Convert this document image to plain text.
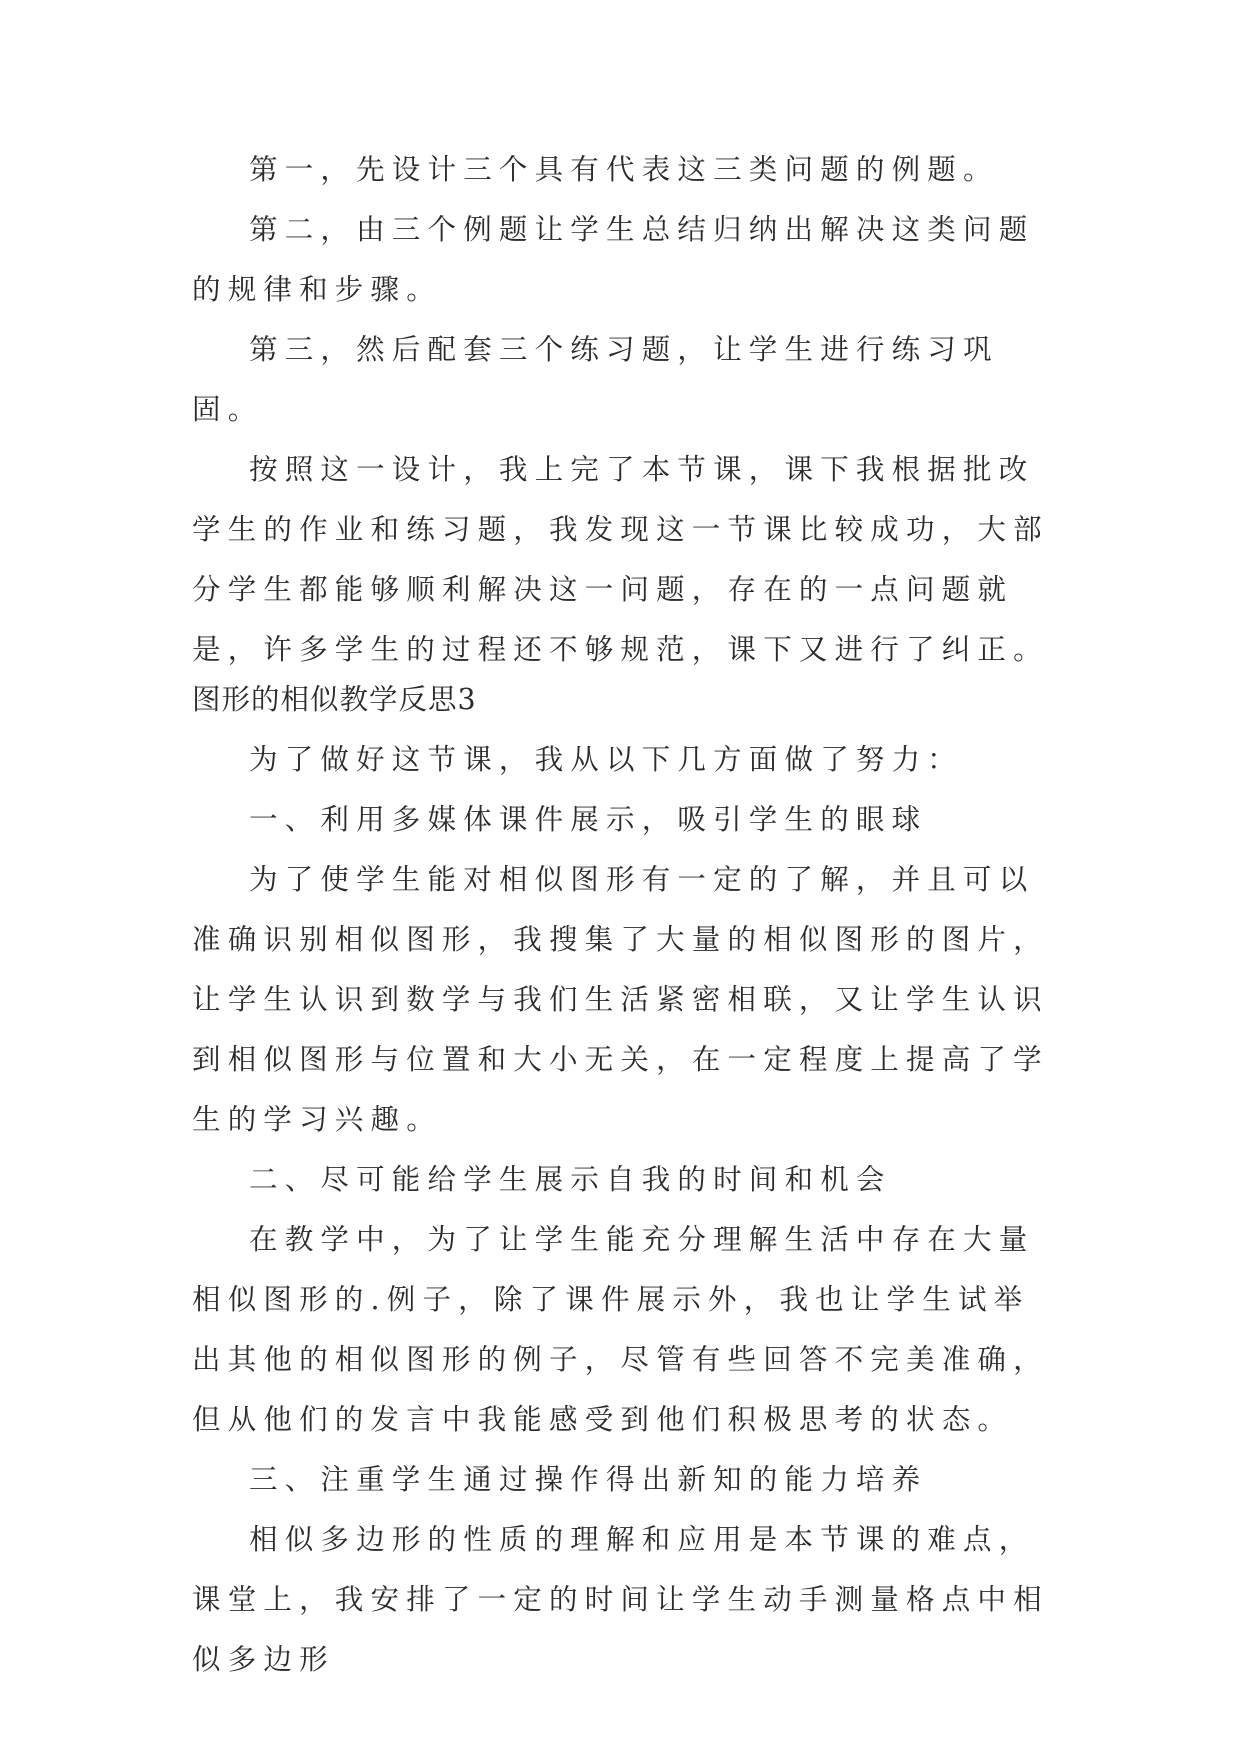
第一，先设计三个具有代表这三类问题的例题。

第二，由三个例题让学生总结归纳出解决这类问题的规律和步骤。

第三，然后配套三个练习题，让学生进行练习巩固。

按照这一设计，我上完了本节课，课下我根据批改学生的作业和练习题，我发现这一节课比较成功，大部分学生都能够顺利解决这一问题，存在的一点问题就是，许多学生的过程还不够规范，课下又进行了纠正。

图形的相似教学反思3

为了做好这节课，我从以下几方面做了努力：

一、利用多媒体课件展示，吸引学生的眼球

为了使学生能对相似图形有一定的了解，并且可以准确识别相似图形，我搜集了大量的相似图形的图片，让学生认识到数学与我们生活紧密相联，又让学生认识到相似图形与位置和大小无关，在一定程度上提高了学生的学习兴趣。

二、尽可能给学生展示自我的时间和机会

在教学中，为了让学生能充分理解生活中存在大量相似图形的.例子，除了课件展示外，我也让学生试举出其他的相似图形的例子，尽管有些回答不完美准确，但从他们的发言中我能感受到他们积极思考的状态。

三、注重学生通过操作得出新知的能力培养

相似多边形的性质的理解和应用是本节课的难点，课堂上，我安排了一定的时间让学生动手测量格点中相似多边形
